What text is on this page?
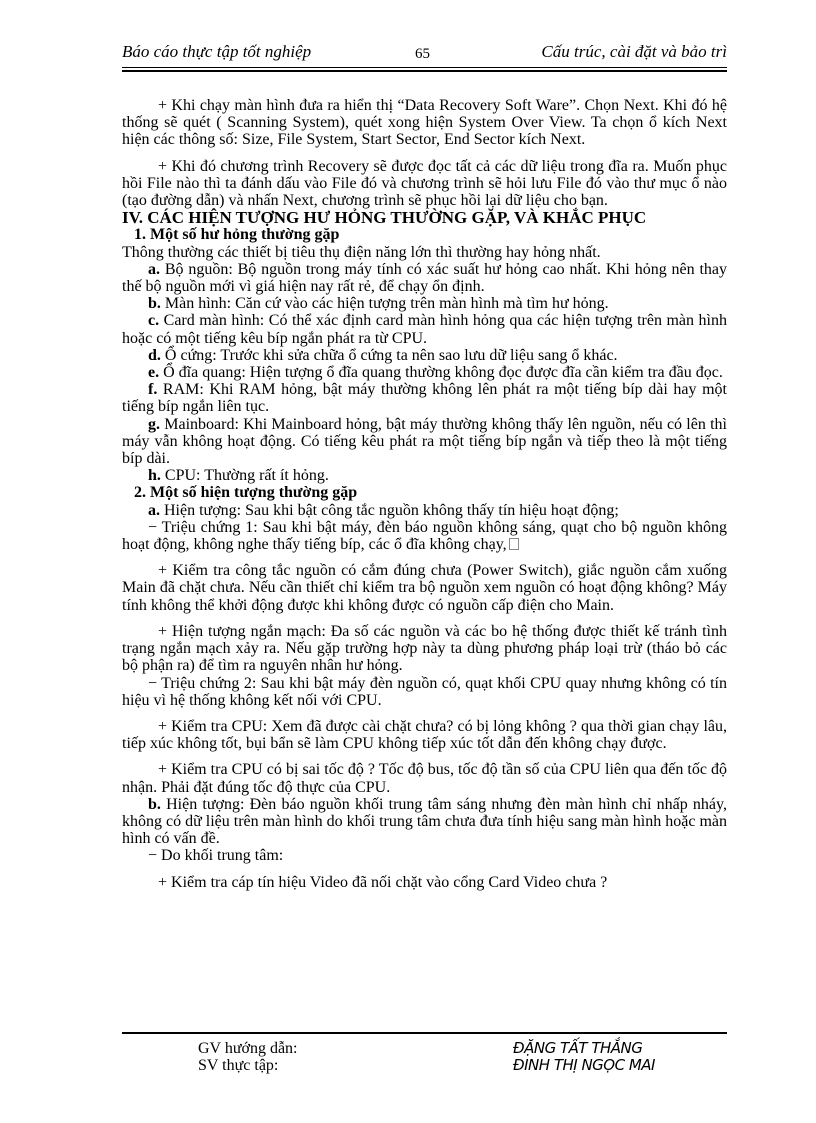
Báo cáo thực tập tốt nghiệp	65	Cấu trúc, cài đặt và bảo trì

+ Khi chạy màn hình đưa ra hiển thị “Data Recovery Soft Ware”. Chọn Next. Khi đó hệ thống sẽ quét ( Scanning System), quét xong hiện System Over View. Ta chọn ổ kích Next hiện các thông số: Size, File System, Start Sector, End Sector kích Next.

+ Khi đó chương trình Recovery sẽ được đọc tất cả các dữ liệu trong đĩa ra. Muốn phục hồi File nào thì ta đánh dấu vào File đó và chương trình sẽ hỏi lưu File đó vào thư mục ổ nào (tạo đường dẫn) và nhấn Next, chương trình sẽ phục hồi lại dữ liệu cho bạn.

IV. CÁC HIỆN TƯỢNG HƯ HỎNG THƯỜNG GẶP, VÀ KHẮC PHỤC

1. Một số hư hỏng thường gặp

Thông thường các thiết bị tiêu thụ điện năng lớn thì thường hay hỏng nhất.

a. Bộ nguồn: Bộ nguồn trong máy tính có xác suất hư hỏng cao nhất. Khi hỏng nên thay thế bộ nguồn mới vì giá hiện nay rất rẻ, để chạy ổn định.

b. Màn hình: Căn cứ vào các hiện tượng trên màn hình mà tìm hư hỏng.

c. Card màn hình: Có thể xác định card màn hình hỏng qua các hiện tượng trên màn hình hoặc có một tiếng kêu bíp ngắn phát ra từ CPU.

d. Ổ cứng: Trước khi sửa chữa ổ cứng ta nên sao lưu dữ liệu sang ổ khác.

e. Ổ đĩa quang: Hiện tượng ổ đĩa quang thường không đọc được đĩa cần kiểm tra đầu đọc.

f. RAM: Khi RAM hỏng, bật máy thường không lên phát ra một tiếng bíp dài hay một tiếng bíp ngắn liên tục.

g. Mainboard: Khi Mainboard hỏng, bật máy thường không thấy lên nguồn, nếu có lên thì máy vẫn không hoạt động. Có tiếng kêu phát ra một tiếng bíp ngắn và tiếp theo là một tiếng bíp dài.

h. CPU: Thường rất ít hỏng.

2. Một số hiện tượng thường gặp

a. Hiện tượng: Sau khi bật công tắc nguồn không thấy tín hiệu hoạt động;

− Triệu chứng 1: Sau khi bật máy, đèn báo nguồn không sáng, quạt cho bộ nguồn không hoạt động, không nghe thấy tiếng bíp, các ổ đĩa không chạy,

+ Kiểm tra công tắc nguồn có cắm đúng chưa (Power Switch), giắc nguồn cắm xuống Main đã chặt chưa. Nếu cần thiết chỉ kiểm tra bộ nguồn xem nguồn có hoạt động không? Máy tính không thể khởi động được khi không được có nguồn cấp điện cho Main.

+ Hiện tượng ngắn mạch: Đa số các nguồn và các bo hệ thống được thiết kế tránh tình trạng ngắn mạch xảy ra. Nếu gặp trường hợp này ta dùng phương pháp loại trừ (tháo bỏ các bộ phận ra) để tìm ra nguyên nhân hư hỏng.

− Triệu chứng 2: Sau khi bật máy đèn nguồn có, quạt khối CPU quay nhưng không có tín hiệu vì hệ thống không kết nối với CPU.

+ Kiểm tra CPU: Xem đã được cài chặt chưa? có bị lỏng không ? qua thời gian chạy lâu, tiếp xúc không tốt, bụi bẩn sẽ làm CPU không tiếp xúc tốt dẫn đến không chạy được.

+ Kiểm tra CPU có bị sai tốc độ ? Tốc độ bus, tốc độ tần số của CPU liên qua đến tốc độ nhận. Phải đặt đúng tốc độ thực của CPU.

b. Hiện tượng: Đèn báo nguồn khối trung tâm sáng nhưng đèn màn hình chỉ nhấp nháy, không có dữ liệu trên màn hình do khối trung tâm chưa đưa tính hiệu sang màn hình hoặc màn hình có vấn đề.

− Do khối trung tâm:

+ Kiểm tra cáp tín hiệu Video đã nối chặt vào cổng Card Video chưa ?

GV hướng dẫn:
SV thực tập:
ĐẶNG TẤT THẮNG
ĐINH THỊ NGỌC MAI
